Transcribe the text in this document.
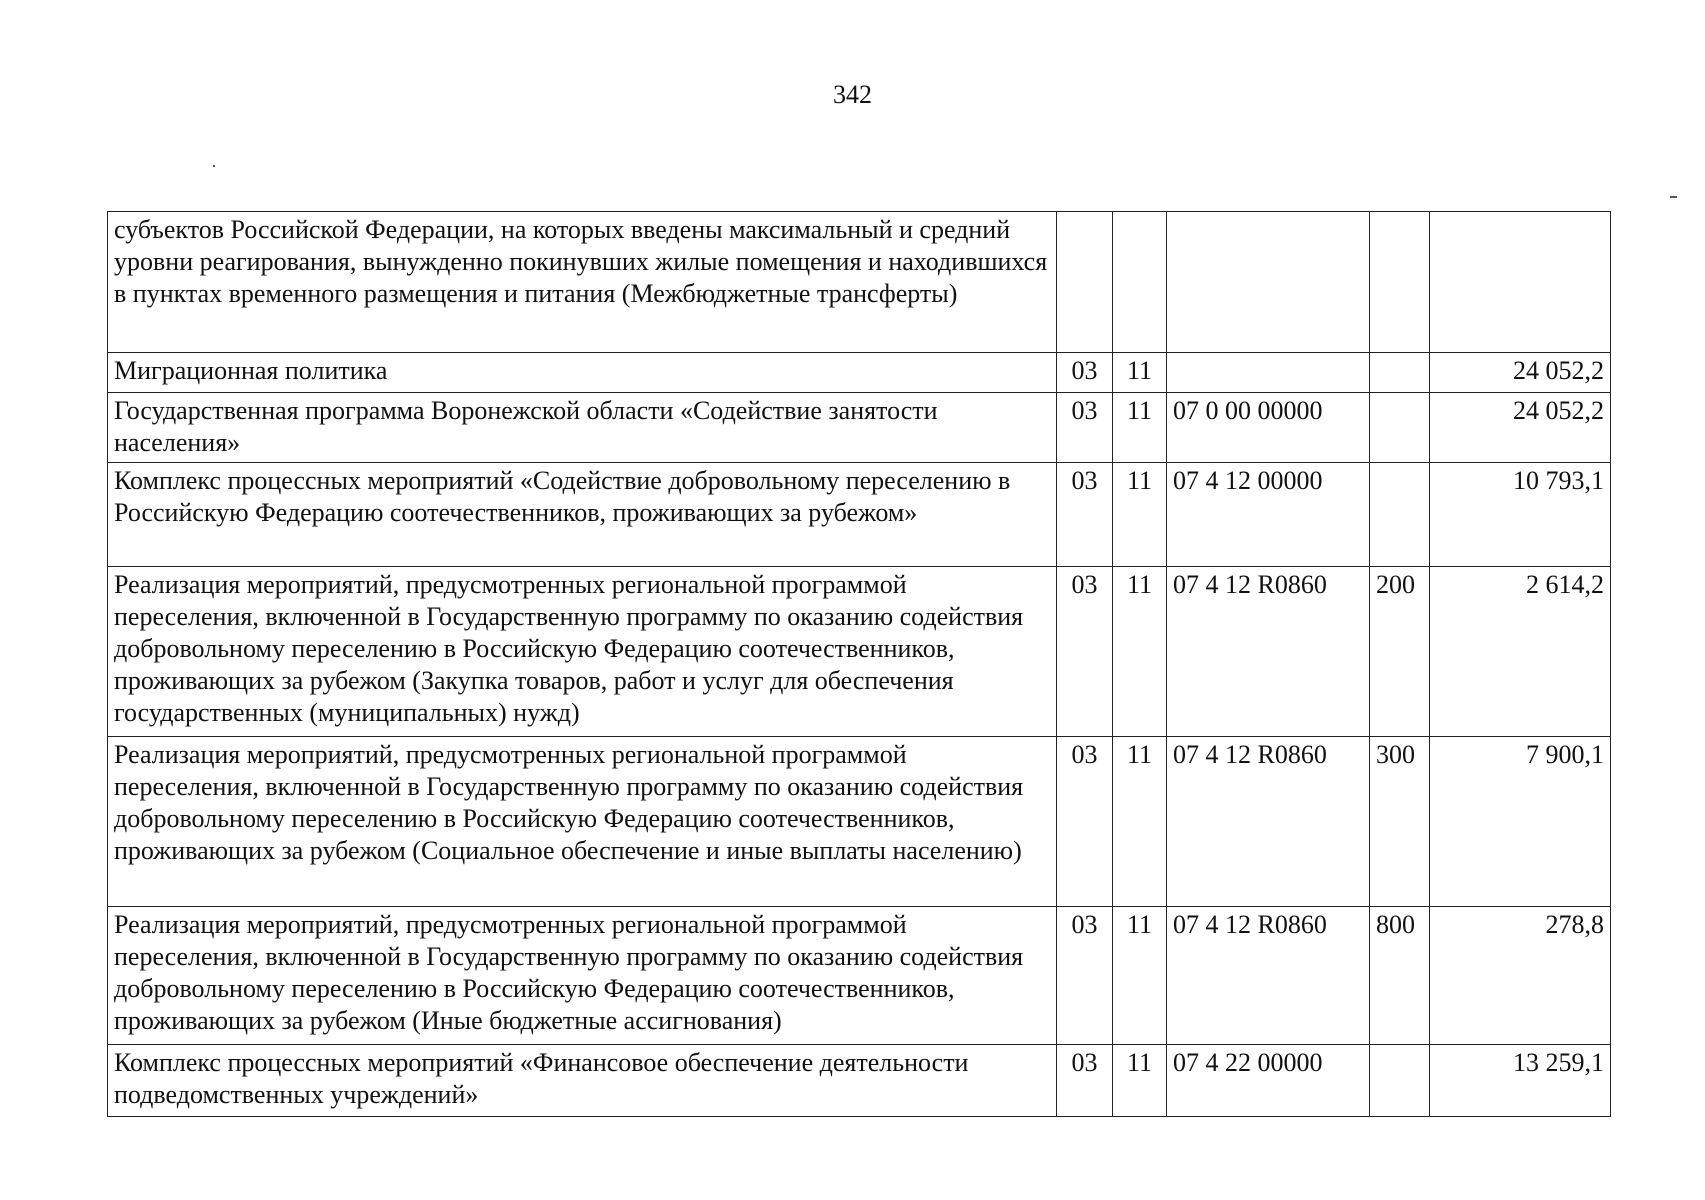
342
субъектов Российской Федерации, на которых введены максимальный и средний уровни реагирования, вынужденно покинувших жилые помещения и находившихся в пунктах временного размещения и питания (Межбюджетные трансферты)					
Миграционная политика	03	11			24 052,2
Государственная программа Воронежской области «Содействие занятости населения»	03	11	07 0 00 00000		24 052,2
Комплекс процессных мероприятий «Содействие добровольному переселению в Российскую Федерацию соотечественников, проживающих за рубежом»	03	11	07 4 12 00000		10 793,1
Реализация мероприятий, предусмотренных региональной программой переселения, включенной в Государственную программу по оказанию содействия добровольному переселению в Российскую Федерацию соотечественников, проживающих за рубежом (Закупка товаров, работ и услуг для обеспечения государственных (муниципальных) нужд)	03	11	07 4 12 R0860	200	2 614,2
Реализация мероприятий, предусмотренных региональной программой переселения, включенной в Государственную программу по оказанию содействия добровольному переселению в Российскую Федерацию соотечественников, проживающих за рубежом (Социальное обеспечение и иные выплаты населению)	03	11	07 4 12 R0860	300	7 900,1
Реализация мероприятий, предусмотренных региональной программой переселения, включенной в Государственную программу по оказанию содействия добровольному переселению в Российскую Федерацию соотечественников, проживающих за рубежом (Иные бюджетные ассигнования)	03	11	07 4 12 R0860	800	278,8
Комплекс процессных мероприятий «Финансовое обеспечение деятельности подведомственных учреждений»	03	11	07 4 22 00000		13 259,1
